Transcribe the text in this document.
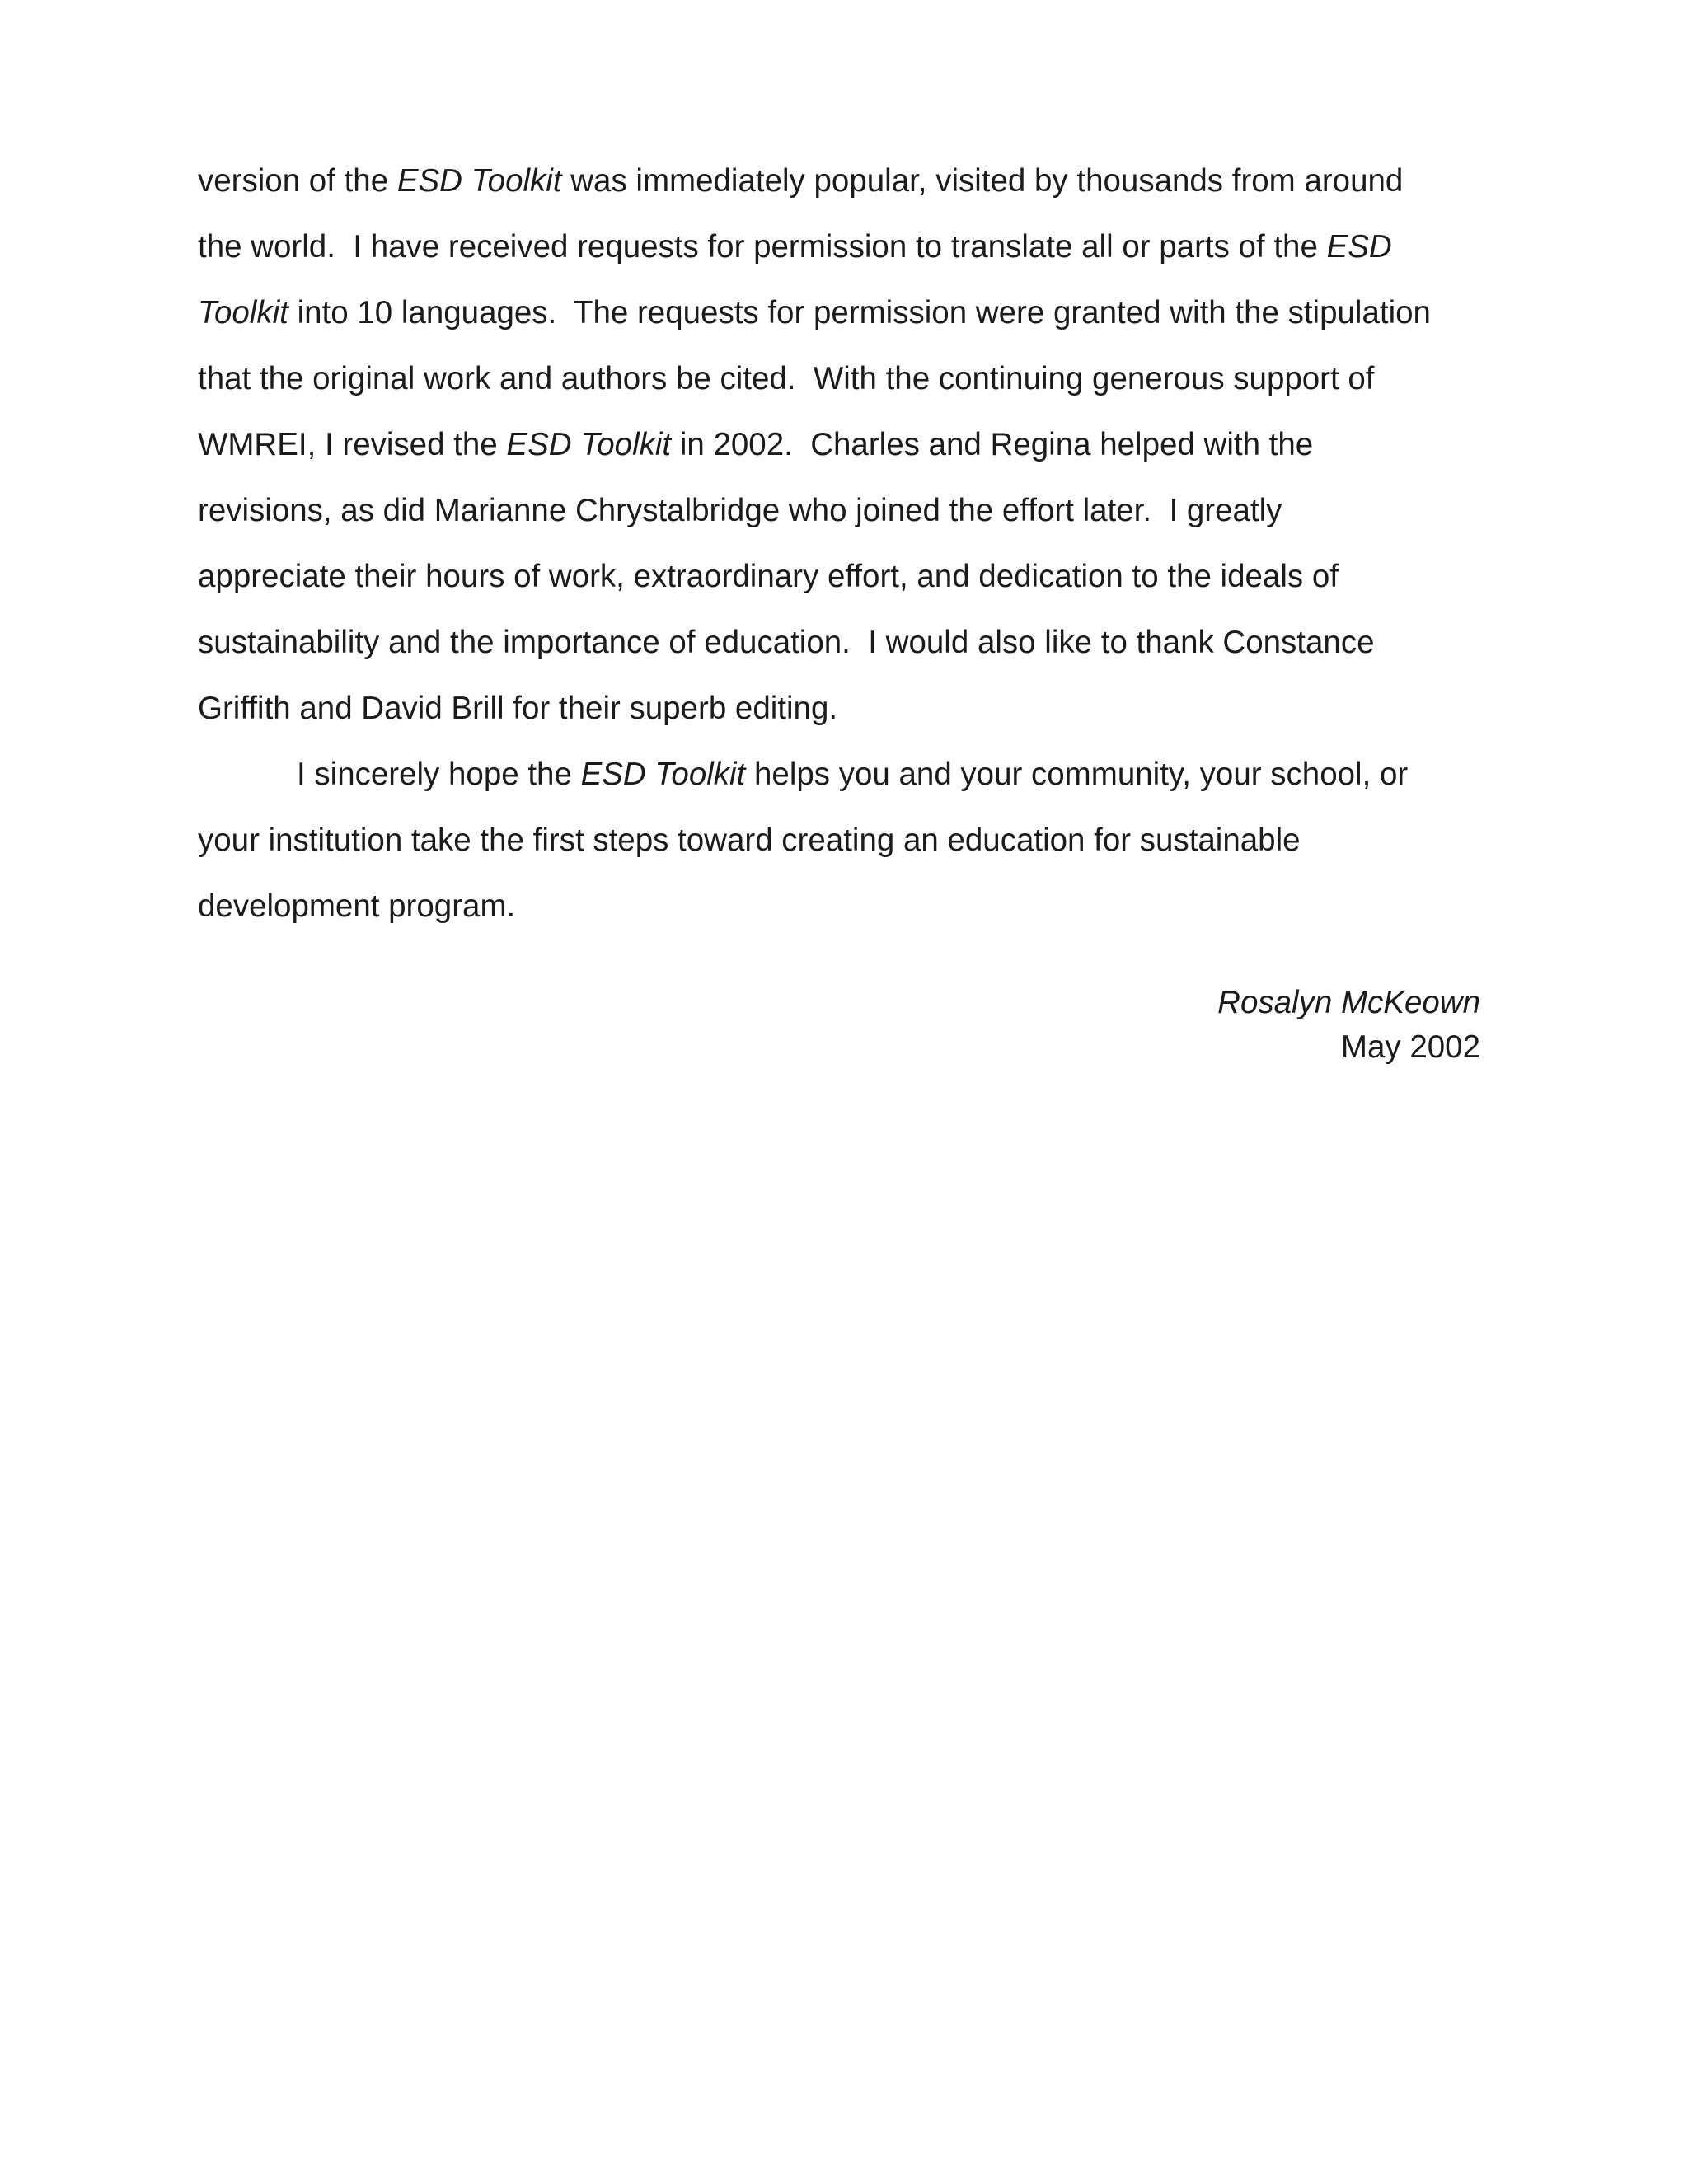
version of the ESD Toolkit was immediately popular, visited by thousands from around
the world.  I have received requests for permission to translate all or parts of the ESD
Toolkit into 10 languages.  The requests for permission were granted with the stipulation
that the original work and authors be cited.  With the continuing generous support of
WMREI, I revised the ESD Toolkit in 2002.  Charles and Regina helped with the
revisions, as did Marianne Chrystalbridge who joined the effort later.  I greatly
appreciate their hours of work, extraordinary effort, and dedication to the ideals of
sustainability and the importance of education.  I would also like to thank Constance
Griffith and David Brill for their superb editing.
I sincerely hope the ESD Toolkit helps you and your community, your school, or
your institution take the first steps toward creating an education for sustainable
development program.
Rosalyn McKeown
May 2002
